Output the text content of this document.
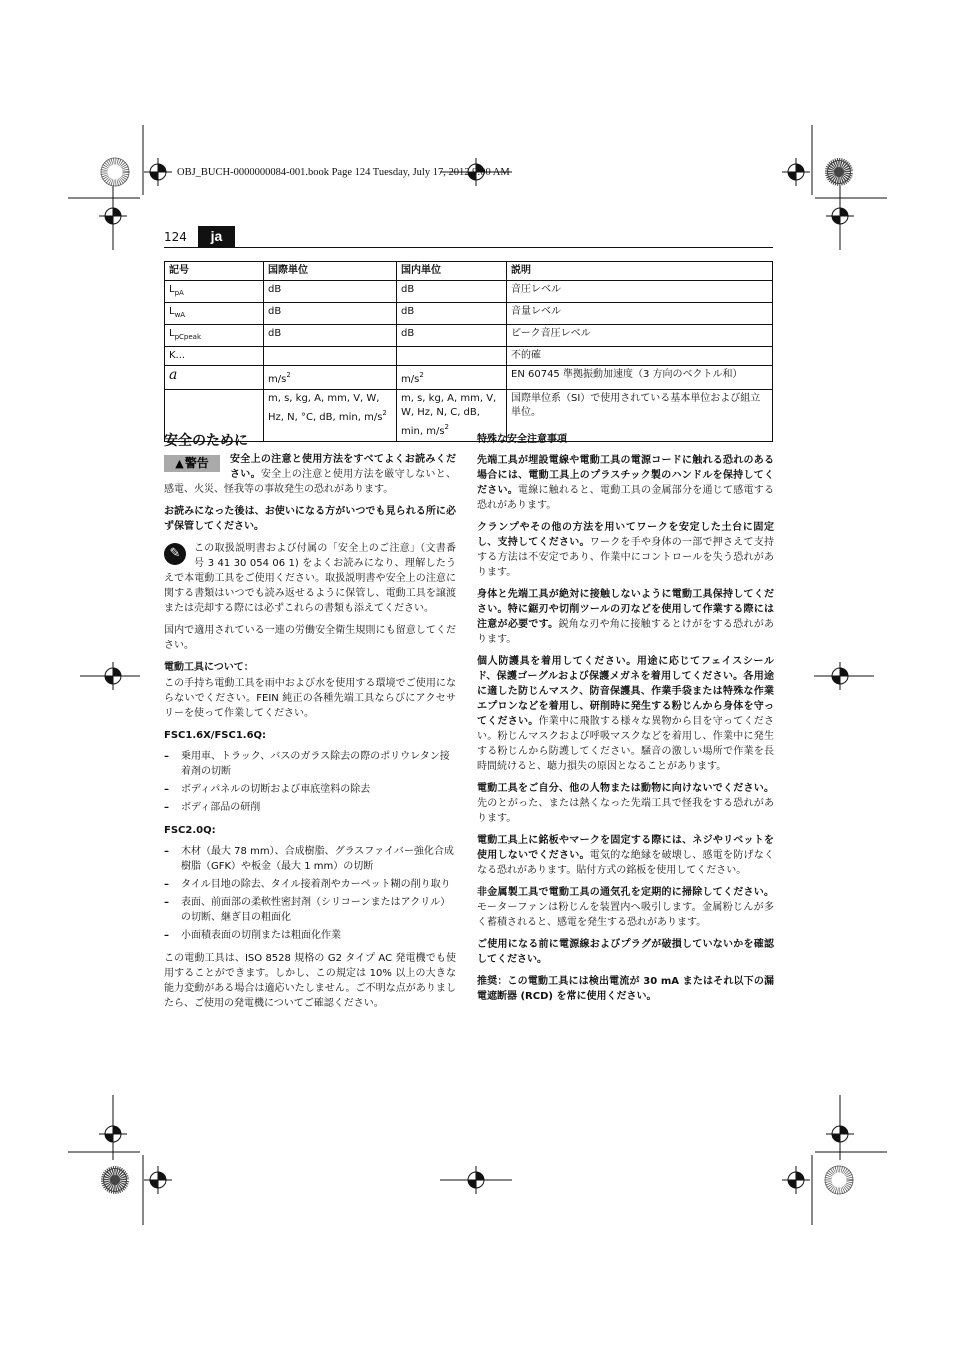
OBJ_BUCH-0000000084-001.book Page 124 Tuesday, July 17, 2012 9:00 AM
124	ja
記号	国際単位	国内単位	説明
$L_{pA}$	dB	dB	音圧レベル
$L_{wA}$	dB	dB	音量レベル
$L_{pCpeak}$	dB	dB	ピーク音圧レベル
K...			不的確
a	$m/s^2$	$m/s^2$	EN 60745 準拠振動加速度（3 方向のベクトル和）
	m, s, kg, A, mm, V, W, Hz, N, °C, dB, min, $m/s^2$	m, s, kg, A, mm, V, W, Hz, N, C, dB, min, $m/s^2$	国際単位系（SI）で使用されている基本単位および組立単位。
安全のために

▲警告	安全上の注意と使用方法をすべてよくお読みください。安全上の注意と使用方法を厳守しないと、感電、火災、怪我等の事故発生の恐れがあります。

お読みになった後は、お使いになる方がいつでも見られる所に必ず保管してください。

✎	この取扱説明書および付属の「安全上のご注意」（文書番号 3 41 30 054 06 1) をよくお読みになり、理解したうえで本電動工具をご使用ください。取扱説明書や安全上の注意に関する書類はいつでも読み返せるように保管し、電動工具を譲渡または売却する際には必ずこれらの書類も添えてください。

国内で適用されている一連の労働安全衛生規則にも留意してください。

電動工具について：

この手持ち電動工具を雨中および水を使用する環境でご使用にならないでください。FEIN 純正の各種先端工具ならびにアクセサリーを使って作業してください。

FSC1.6X/FSC1.6Q:
– 乗用車、トラック、バスのガラス除去の際のポリウレタン接着剤の切断
– ボディパネルの切断および車底塗料の除去
– ボディ部品の研削
FSC2.0Q:
– 木材（最大 78 mm）、合成樹脂、グラスファイバー強化合成樹脂（GFK）や板金（最大 1 mm）の切断
– タイル目地の除去、タイル接着剤やカーペット糊の削り取り
– 表面、前面部の柔軟性密封剤（シリコーンまたはアクリル）の切断、継ぎ目の粗面化
– 小面積表面の切削または粗面化作業

この電動工具は、ISO 8528 規格の G2 タイプ AC 発電機でも使用することができます。しかし、この規定は 10% 以上の大きな能力変動がある場合は適応いたしません。ご不明な点がありましたら、ご使用の発電機についてご確認ください。

特殊な安全注意事項

先端工具が埋設電線や電動工具の電源コードに触れる恐れのある場合には、電動工具上のプラスチック製のハンドルを保持してください。電線に触れると、電動工具の金属部分を通じて感電する恐れがあります。

クランプやその他の方法を用いてワークを安定した土台に固定し、支持してください。ワークを手や身体の一部で押さえて支持する方法は不安定であり、作業中にコントロールを失う恐れがあります。

身体と先端工具が絶対に接触しないように電動工具保持してください。特に鋸刃や切削ツールの刃などを使用して作業する際には注意が必要です。鋭角な刃や角に接触するとけがをする恐れがあります。

個人防護具を着用してください。用途に応じてフェイスシールド、保護ゴーグルおよび保護メガネを着用してください。各用途に適した防じんマスク、防音保護具、作業手袋または特殊な作業エプロンなどを着用し、研削時に発生する粉じんから身体を守ってください。作業中に飛散する様々な異物から目を守ってください。粉じんマスクおよび呼吸マスクなどを着用し、作業中に発生する粉じんから防護してください。騒音の激しい場所で作業を長時間続けると、聴力損失の原因となることがあります。

電動工具をご自分、他の人物または動物に向けないでください。先のとがった、または熱くなった先端工具で怪我をする恐れがあります。

電動工具上に銘板やマークを固定する際には、ネジやリベットを使用しないでください。電気的な絶縁を破壊し、感電を防げなくなる恐れがあります。貼付方式の銘板を使用してください。

非金属製工具で電動工具の通気孔を定期的に掃除してください。モーターファンは粉じんを装置内へ吸引します。金属粉じんが多く蓄積されると、感電を発生する恐れがあります。

ご使用になる前に電源線およびプラグが破損していないかを確認してください。

推奨：この電動工具には検出電流が 30 mA またはそれ以下の漏電遮断器 (RCD) を常に使用ください。
